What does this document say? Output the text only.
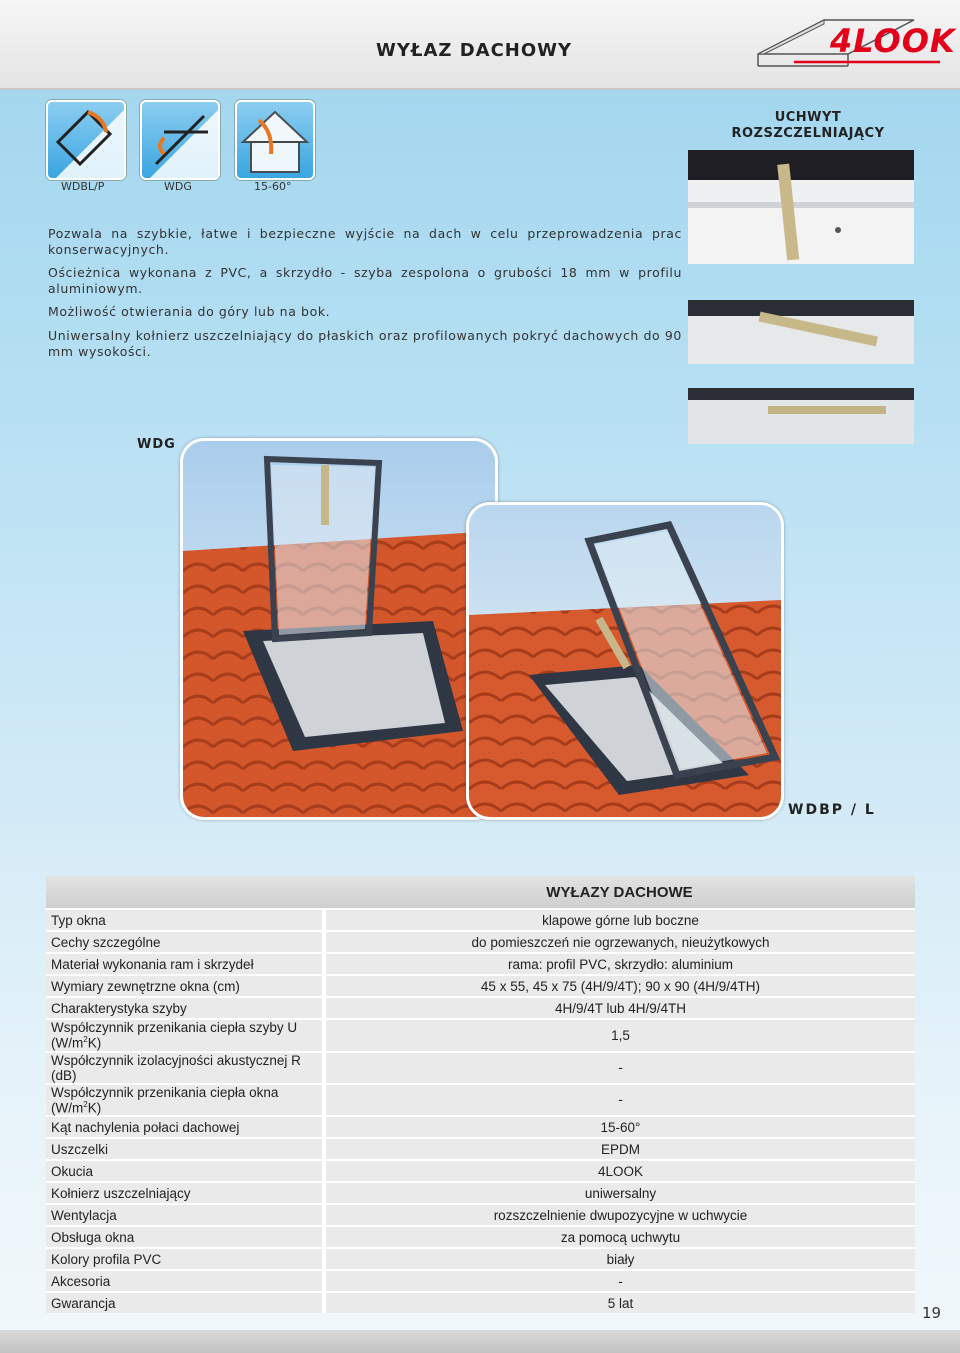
WYŁAZ DACHOWY	4LOOK
WDBL/P	WDG	15-60°

Pozwala na szybkie, łatwe i bezpieczne wyjście na dach w celu przeprowadzenia prac konserwacyjnych.

Ościeżnica wykonana z PVC, a skrzydło - szyba zespolona o grubości 18 mm w profilu aluminiowym.

Możliwość otwierania do góry lub na bok.

Uniwersalny kołnierz uszczelniający do płaskich oraz profilowanych pokryć dachowych do 90 mm wysokości.

UCHWYT
ROZSZCZELNIAJĄCY
WDG
WDBP / L
	WYŁAZY DACHOWE
Typ okna	klapowe górne lub boczne
Cechy szczególne	do pomieszczeń nie ogrzewanych, nieużytkowych
Materiał wykonania ram i skrzydeł	rama: profil PVC, skrzydło: aluminium
Wymiary zewnętrzne okna (cm)	45 x 55, 45 x 75 (4H/9/4T); 90 x 90 (4H/9/4TH)
Charakterystyka szyby	4H/9/4T lub 4H/9/4TH
Współczynnik przenikania ciepła szyby U $(W/m^2K)$	1,5
Współczynnik izolacyjności akustycznej R (dB)	-
Współczynnik przenikania ciepła okna $(W/m^2K)$	-
Kąt nachylenia połaci dachowej	15-60°
Uszczelki	EPDM
Okucia	4LOOK
Kołnierz uszczelniający	uniwersalny
Wentylacja	rozszczelnienie dwupozycyjne w uchwycie
Obsługa okna	za pomocą uchwytu
Kolory profila PVC	biały
Akcesoria	-
Gwarancja	5 lat
19
